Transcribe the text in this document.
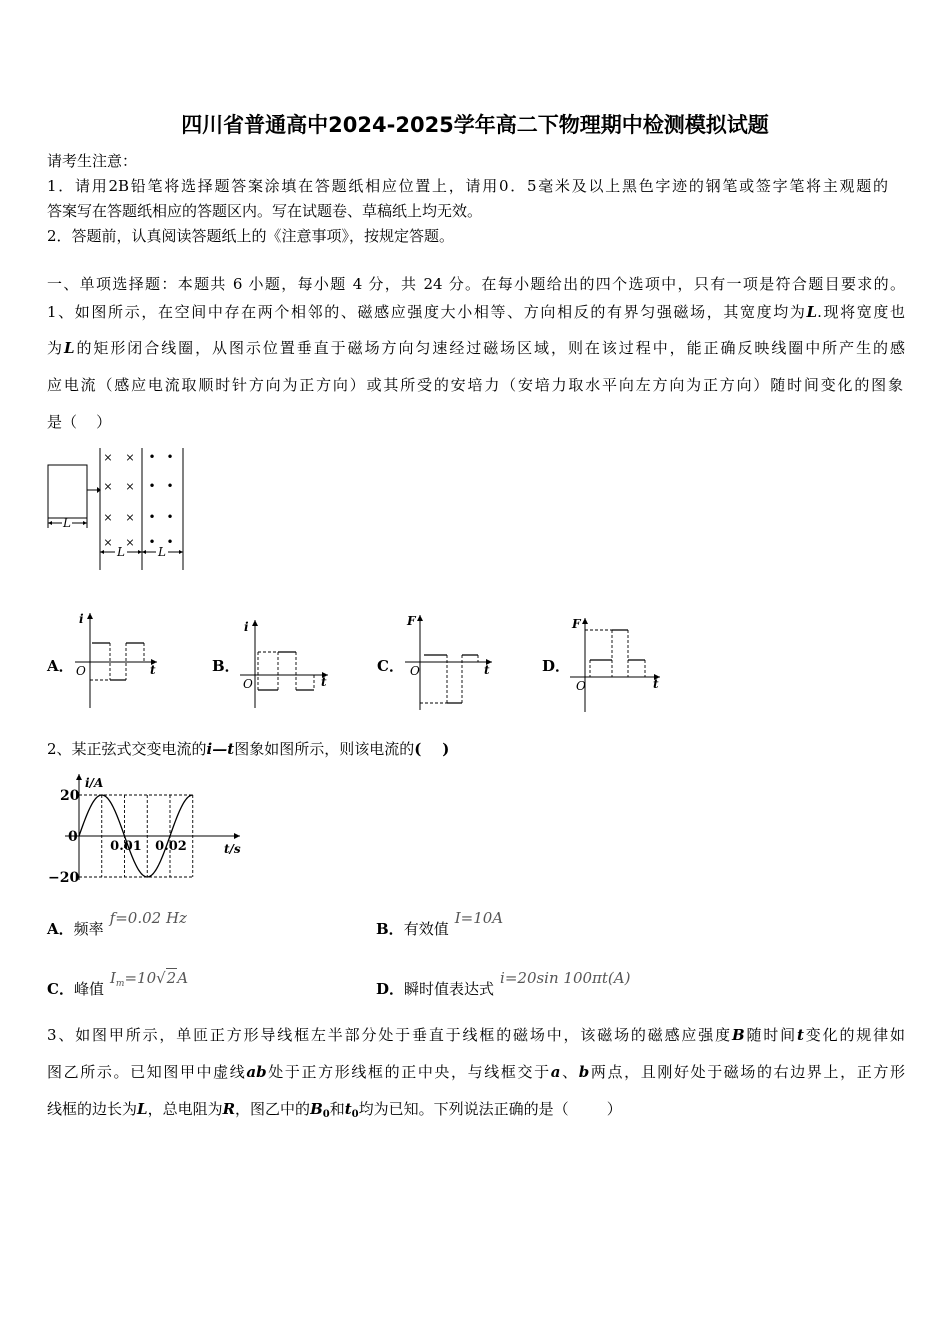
四川省普通高中2024-2025学年高二下物理期中检测模拟试题
请考生注意：
1．请用2B铅笔将选择题答案涂填在答题纸相应位置上，请用0．5毫米及以上黑色字迹的钢笔或签字笔将主观题的
答案写在答题纸相应的答题区内。写在试题卷、草稿纸上均无效。
2．答题前，认真阅读答题纸上的《注意事项》，按规定答题。
一、单项选择题：本题共 6 小题，每小题 4 分，共 24 分。在每小题给出的四个选项中，只有一项是符合题目要求的。
1、如图所示，在空间中存在两个相邻的、磁感应强度大小相等、方向相反的有界匀强磁场，其宽度均为L.现将宽度也
为L的矩形闭合线圈，从图示位置垂直于磁场方向匀速经过磁场区域，则在该过程中，能正确反映线圈中所产生的感
应电流（感应电流取顺时针方向为正方向）或其所受的安培力（安培力取水平向左方向为正方向）随时间变化的图象
是（    ）
L
× ×
× ×
× ×
× ×
• •
• •
• •
• •
L	L
A．
i
O	t	B．
i
O	t
C．
F
O	t	D．
F
O	t
2、某正弦式交变电流的i—t图象如图所示，则该电流的(    )
i/A
t/s
20
0
−20
0.01 0.02
A．频率f=0.02 Hz
B．有效值I=10A
C．峰值$I_m=10√2A$
D．瞬时值表达式i=20sin 100πt(A)
3、如图甲所示，单匝正方形导线框左半部分处于垂直于线框的磁场中，该磁场的磁感应强度B随时间t变化的规律如
图乙所示。已知图甲中虚线ab处于正方形线框的正中央，与线框交于a、b两点，且刚好处于磁场的右边界上，正方形
线框的边长为L，总电阻为R，图乙中的$B_0$和$t_0$均为已知。下列说法正确的是（        ）
